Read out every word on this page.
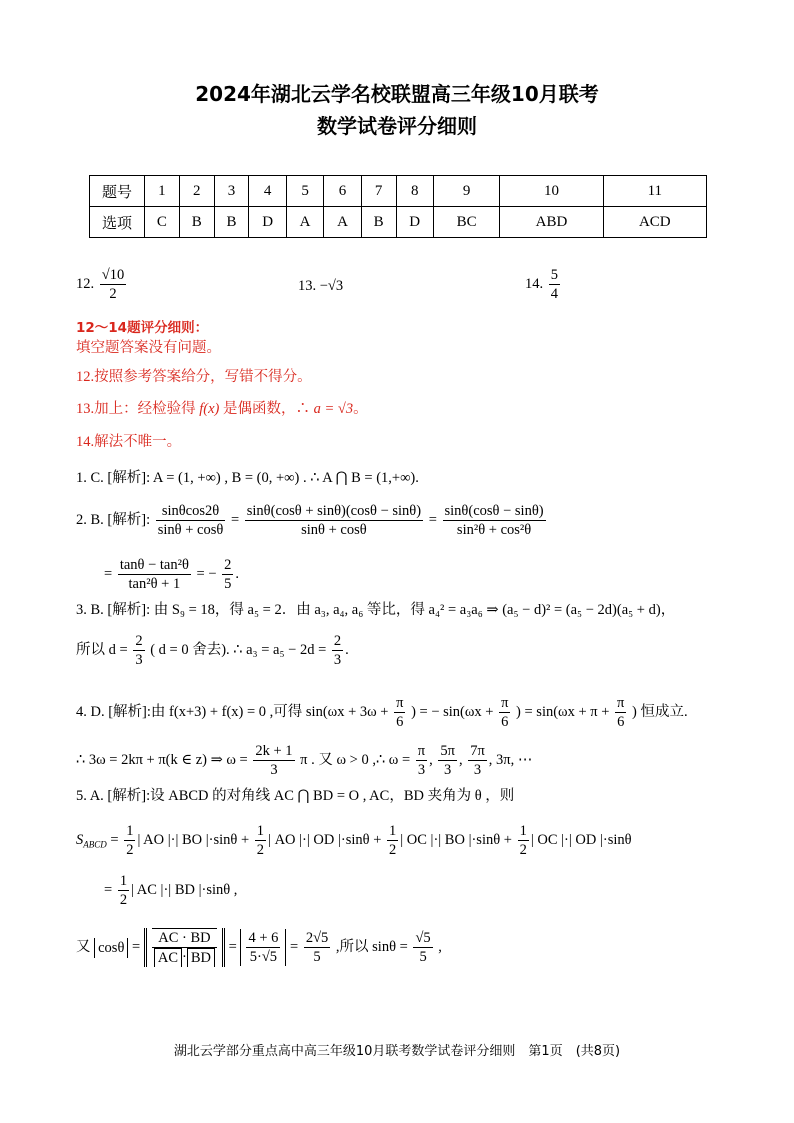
2024年湖北云学名校联盟高三年级10月联考
数学试卷评分细则
题号	1	2	3	4	5	6	7	8	9	10	11
选项	C	B	B	D	A	A	B	D	BC	ABD	ACD
12. $\frac{√10}{2}$	13. −√3	14. $\frac{5}{4}$
12～14题评分细则：
填空题答案没有问题。
12.按照参考答案给分，写错不得分。
13.加上：经检验得 f(x) 是偶函数，∴ a = √3。
14.解法不唯一。
1. C. [解析]: A = (1, +∞) , B = (0, +∞) . ∴ A ⋂ B = (1,+∞).
2. B. [解析]: $\frac{\sin\theta\cos 2\theta}{\sin\theta + \cos\theta} = \frac{\sin\theta(\cos\theta + \sin\theta)(\cos\theta - \sin\theta)}{\sin\theta + \cos\theta} = \frac{\sin\theta(\cos\theta - \sin\theta)}{\text{sin²θ + cos²θ}}$
= $\frac{\text{tanθ − tan²θ}}{\text{tan²θ + 1}}$ = − $\frac{2}{5}$ .
3. B. [解析]: 由 S₉ = 18，得 a₅ = 2．由 a₃, a₄, a₆ 等比，得 a₄² = a₃a₆ ⇒ (a₅ − d)² = (a₅ − 2d)(a₅ + d)，
所以 $d = \frac{2}{3}$ ( d = 0 舍去). ∴ $a_3 = a_5 - 2d = \frac{2}{3}$ .
4. D. [解析]:由 f(x+3) + f(x) = 0 ,可得 $\sin(\omega x + 3\omega + \frac{\pi}{6}$ ) = − $\sin(\omega x + \frac{\pi}{6}$ ) = $\sin(\omega x + \pi + \frac{\pi}{6}$ ) 恒成立.
∴ 3ω = 2kπ + π(k ∈ z) ⇒ $\omega = \frac{2k + 1}{3}$ π . 又 ω > 0 ,∴ $\omega = \frac{\pi}{3}$ , $\frac{5\pi}{3}$ , $\frac{7\pi}{3}$ , 3π, ⋯
5. A. [解析]:设 ABCD 的对角线 AC ⋂ BD = O , AC，BD 夹角为 θ ，则
$S_{ABCD} = \frac{1}{2}$ | AO |·| BO $|\cdot\sin\theta + \frac{1}{2}$ | AO |·| OD $|\cdot\sin\theta + \frac{1}{2}$ | OC |·| BO $|\cdot\sin\theta + \frac{1}{2}$ | OC |·| OD |·sinθ
= $\frac{1}{2}$ | AC |·| BD |·sinθ ,
又 $\cos\theta = \frac{AC \cdot BD}{AC \cdot BD} = \frac{4 + 6}{5\cdot√5} = \frac{2√5}{5}$ ,所以 $\sin\theta = \frac{√5}{5}$ ,
湖北云学部分重点高中高三年级10月联考数学试卷评分细则　第1页　(共8页)
